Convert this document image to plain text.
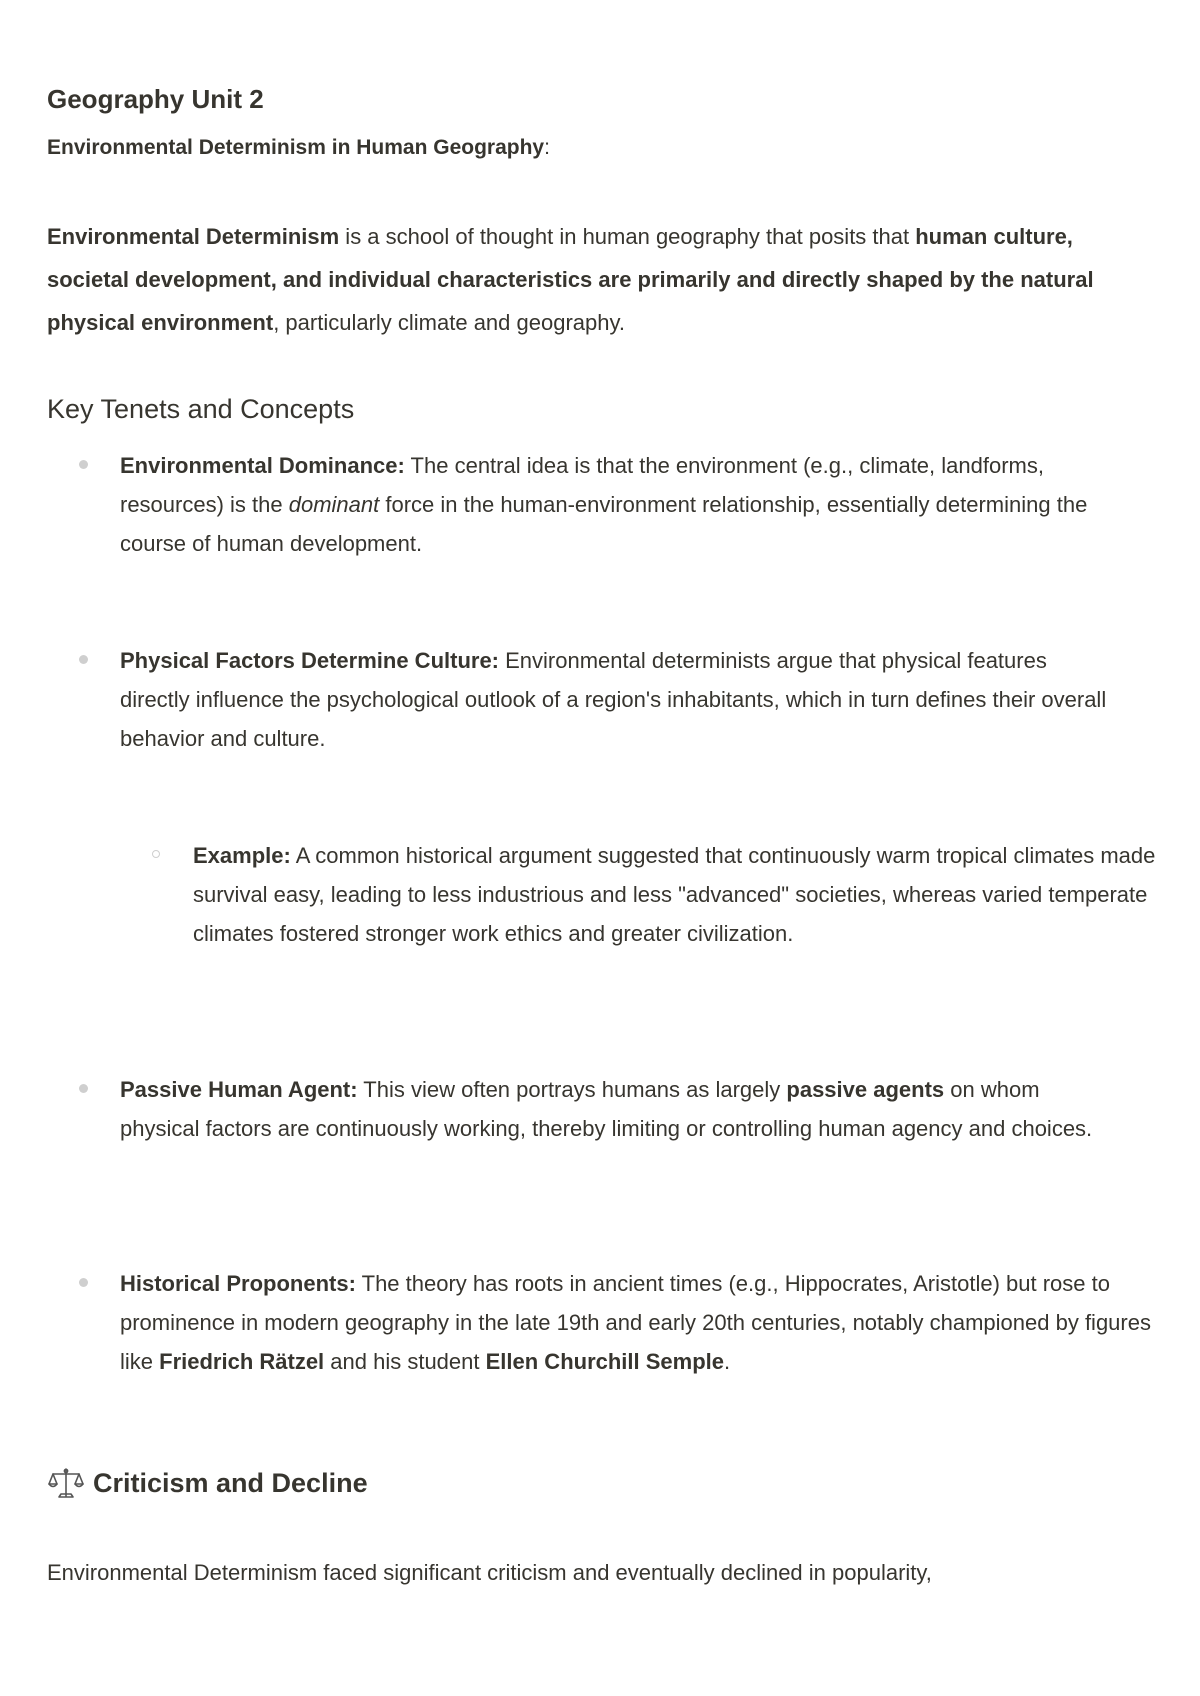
Geography Unit 2

Environmental Determinism in Human Geography:

Environmental Determinism is a school of thought in human geography that posits that human culture, societal development, and individual characteristics are primarily and directly shaped by the natural physical environment, particularly climate and geography.

Key Tenets and Concepts

Environmental Dominance: The central idea is that the environment (e.g., climate, landforms, resources) is the dominant force in the human-environment relationship, essentially determining the course of human development.

Physical Factors Determine Culture: Environmental determinists argue that physical features directly influence the psychological outlook of a region's inhabitants, which in turn defines their overall behavior and culture.

Example: A common historical argument suggested that continuously warm tropical climates made survival easy, leading to less industrious and less "advanced" societies, whereas varied temperate climates fostered stronger work ethics and greater civilization.

Passive Human Agent: This view often portrays humans as largely passive agents on whom physical factors are continuously working, thereby limiting or controlling human agency and choices.

Historical Proponents: The theory has roots in ancient times (e.g., Hippocrates, Aristotle) but rose to prominence in modern geography in the late 19th and early 20th centuries, notably championed by figures like Friedrich Rätzel and his student Ellen Churchill Semple.

Criticism and Decline

Environmental Determinism faced significant criticism and eventually declined in popularity,
